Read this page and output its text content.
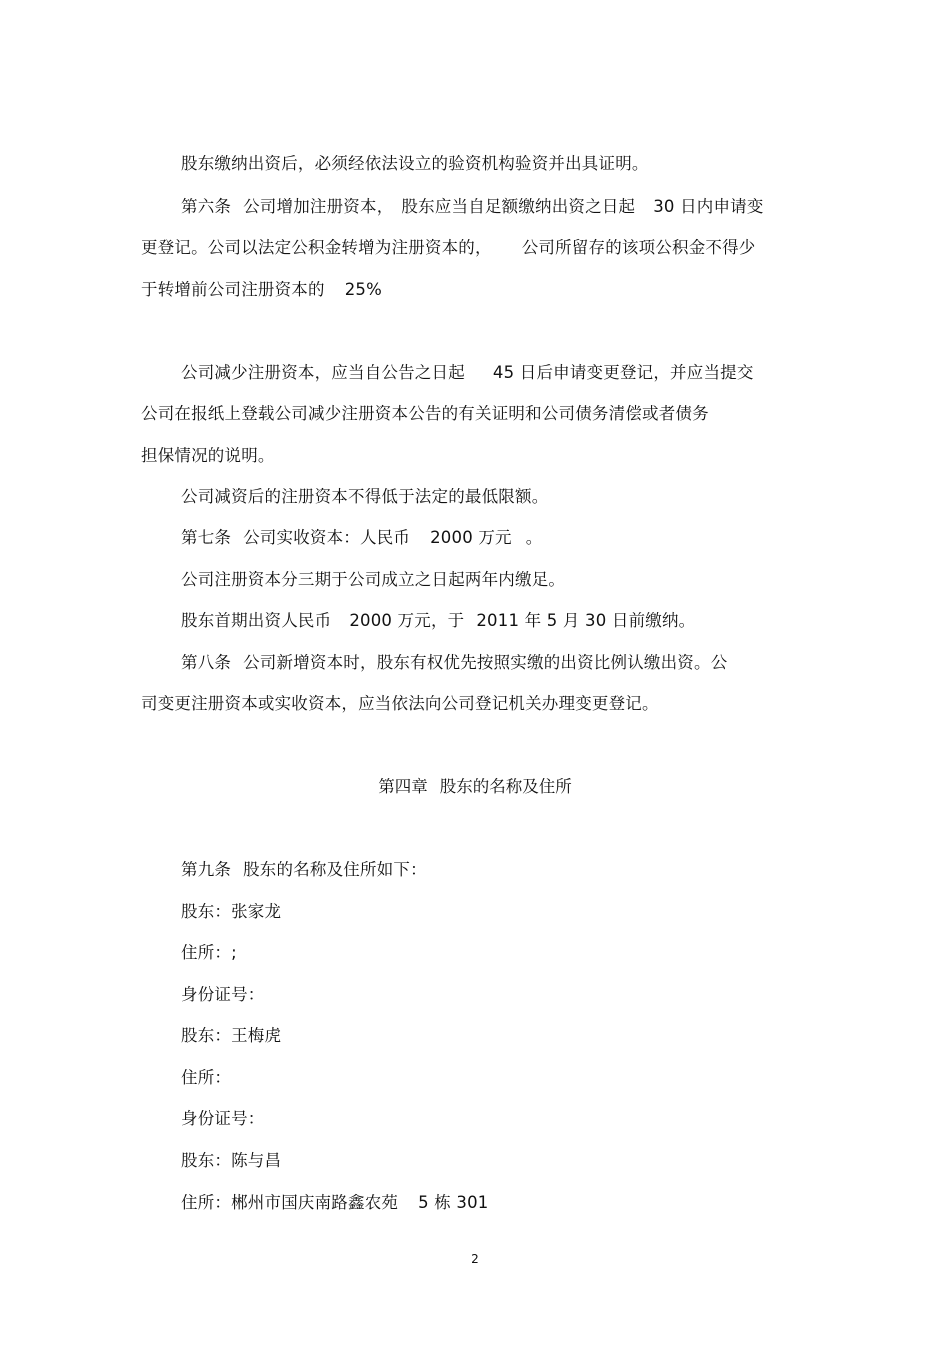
股东缴纳出资后，必须经依法设立的验资机构验资并出具证明。
第六条 公司增加注册资本， 股东应当自足额缴纳出资之日起 30 日内申请变
更登记。公司以法定公积金转增为注册资本的， 公司所留存的该项公积金不得少
于转增前公司注册资本的 25%
公司减少注册资本，应当自公告之日起 45 日后申请变更登记，并应当提交
公司在报纸上登载公司减少注册资本公告的有关证明和公司债务清偿或者债务
担保情况的说明。
公司减资后的注册资本不得低于法定的最低限额。
第七条 公司实收资本：人民币 2000 万元 。
公司注册资本分三期于公司成立之日起两年内缴足。
股东首期出资人民币 2000 万元，于 2011 年 5 月 30 日前缴纳。
第八条 公司新增资本时，股东有权优先按照实缴的出资比例认缴出资。公
司变更注册资本或实收资本，应当依法向公司登记机关办理变更登记。
第四章 股东的名称及住所
第九条 股东的名称及住所如下：
股东：张家龙
住所：;
身份证号：
股东：王梅虎
住所：
身份证号：
股东：陈与昌
住所：郴州市国庆南路鑫农苑 5 栋 301
2
